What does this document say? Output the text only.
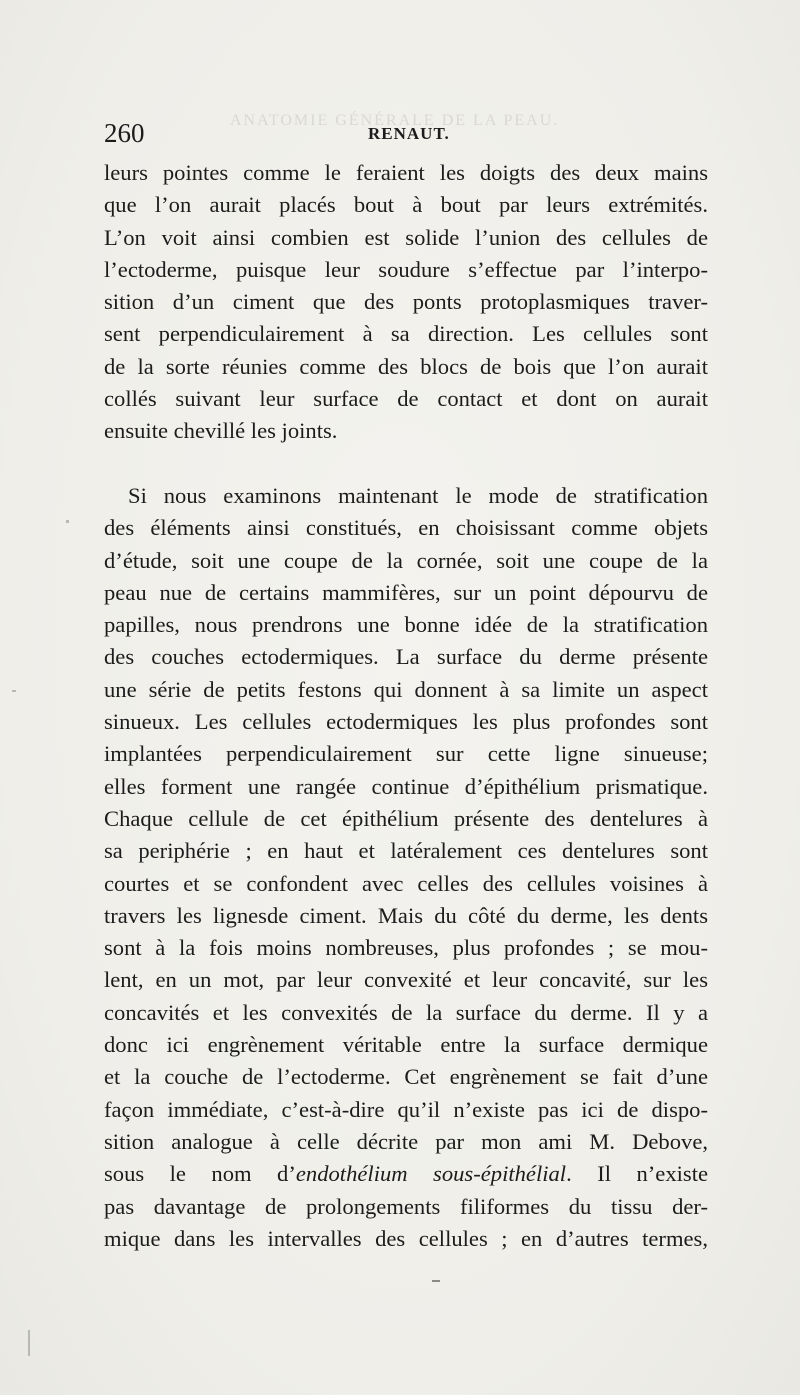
ANATOMIE GÉNÉRALE DE LA PEAU.
260	RENAUT.
leurs pointes comme le feraient les doigts des deux mains
que l’on aurait placés bout à bout par leurs extrémités.
L’on voit ainsi combien est solide l’union des cellules de
l’ectoderme, puisque leur soudure s’effectue par l’interpo-
sition d’un ciment que des ponts protoplasmiques traver-
sent perpendiculairement à sa direction. Les cellules sont
de la sorte réunies comme des blocs de bois que l’on aurait
collés suivant leur surface de contact et dont on aurait
ensuite chevillé les joints.
Si nous examinons maintenant le mode de stratification
des éléments ainsi constitués, en choisissant comme objets
d’étude, soit une coupe de la cornée, soit une coupe de la
peau nue de certains mammifères, sur un point dépourvu de
papilles, nous prendrons une bonne idée de la stratification
des couches ectodermiques. La surface du derme présente
une série de petits festons qui donnent à sa limite un aspect
sinueux. Les cellules ectodermiques les plus profondes sont
implantées perpendiculairement sur cette ligne sinueuse;
elles forment une rangée continue d’épithélium prismatique.
Chaque cellule de cet épithélium présente des dentelures à
sa periphérie ; en haut et latéralement ces dentelures sont
courtes et se confondent avec celles des cellules voisines à
travers les lignesde ciment. Mais du côté du derme, les dents
sont à la fois moins nombreuses, plus profondes ; se mou-
lent, en un mot, par leur convexité et leur concavité, sur les
concavités et les convexités de la surface du derme. Il y a
donc ici engrènement véritable entre la surface dermique
et la couche de l’ectoderme. Cet engrènement se fait d’une
façon immédiate, c’est-à-dire qu’il n’existe pas ici de dispo-
sition analogue à celle décrite par mon ami M. Debove,
sous le nom d’endothélium sous-épithélial. Il n’existe
pas davantage de prolongements filiformes du tissu der-
mique dans les intervalles des cellules ; en d’autres termes,
